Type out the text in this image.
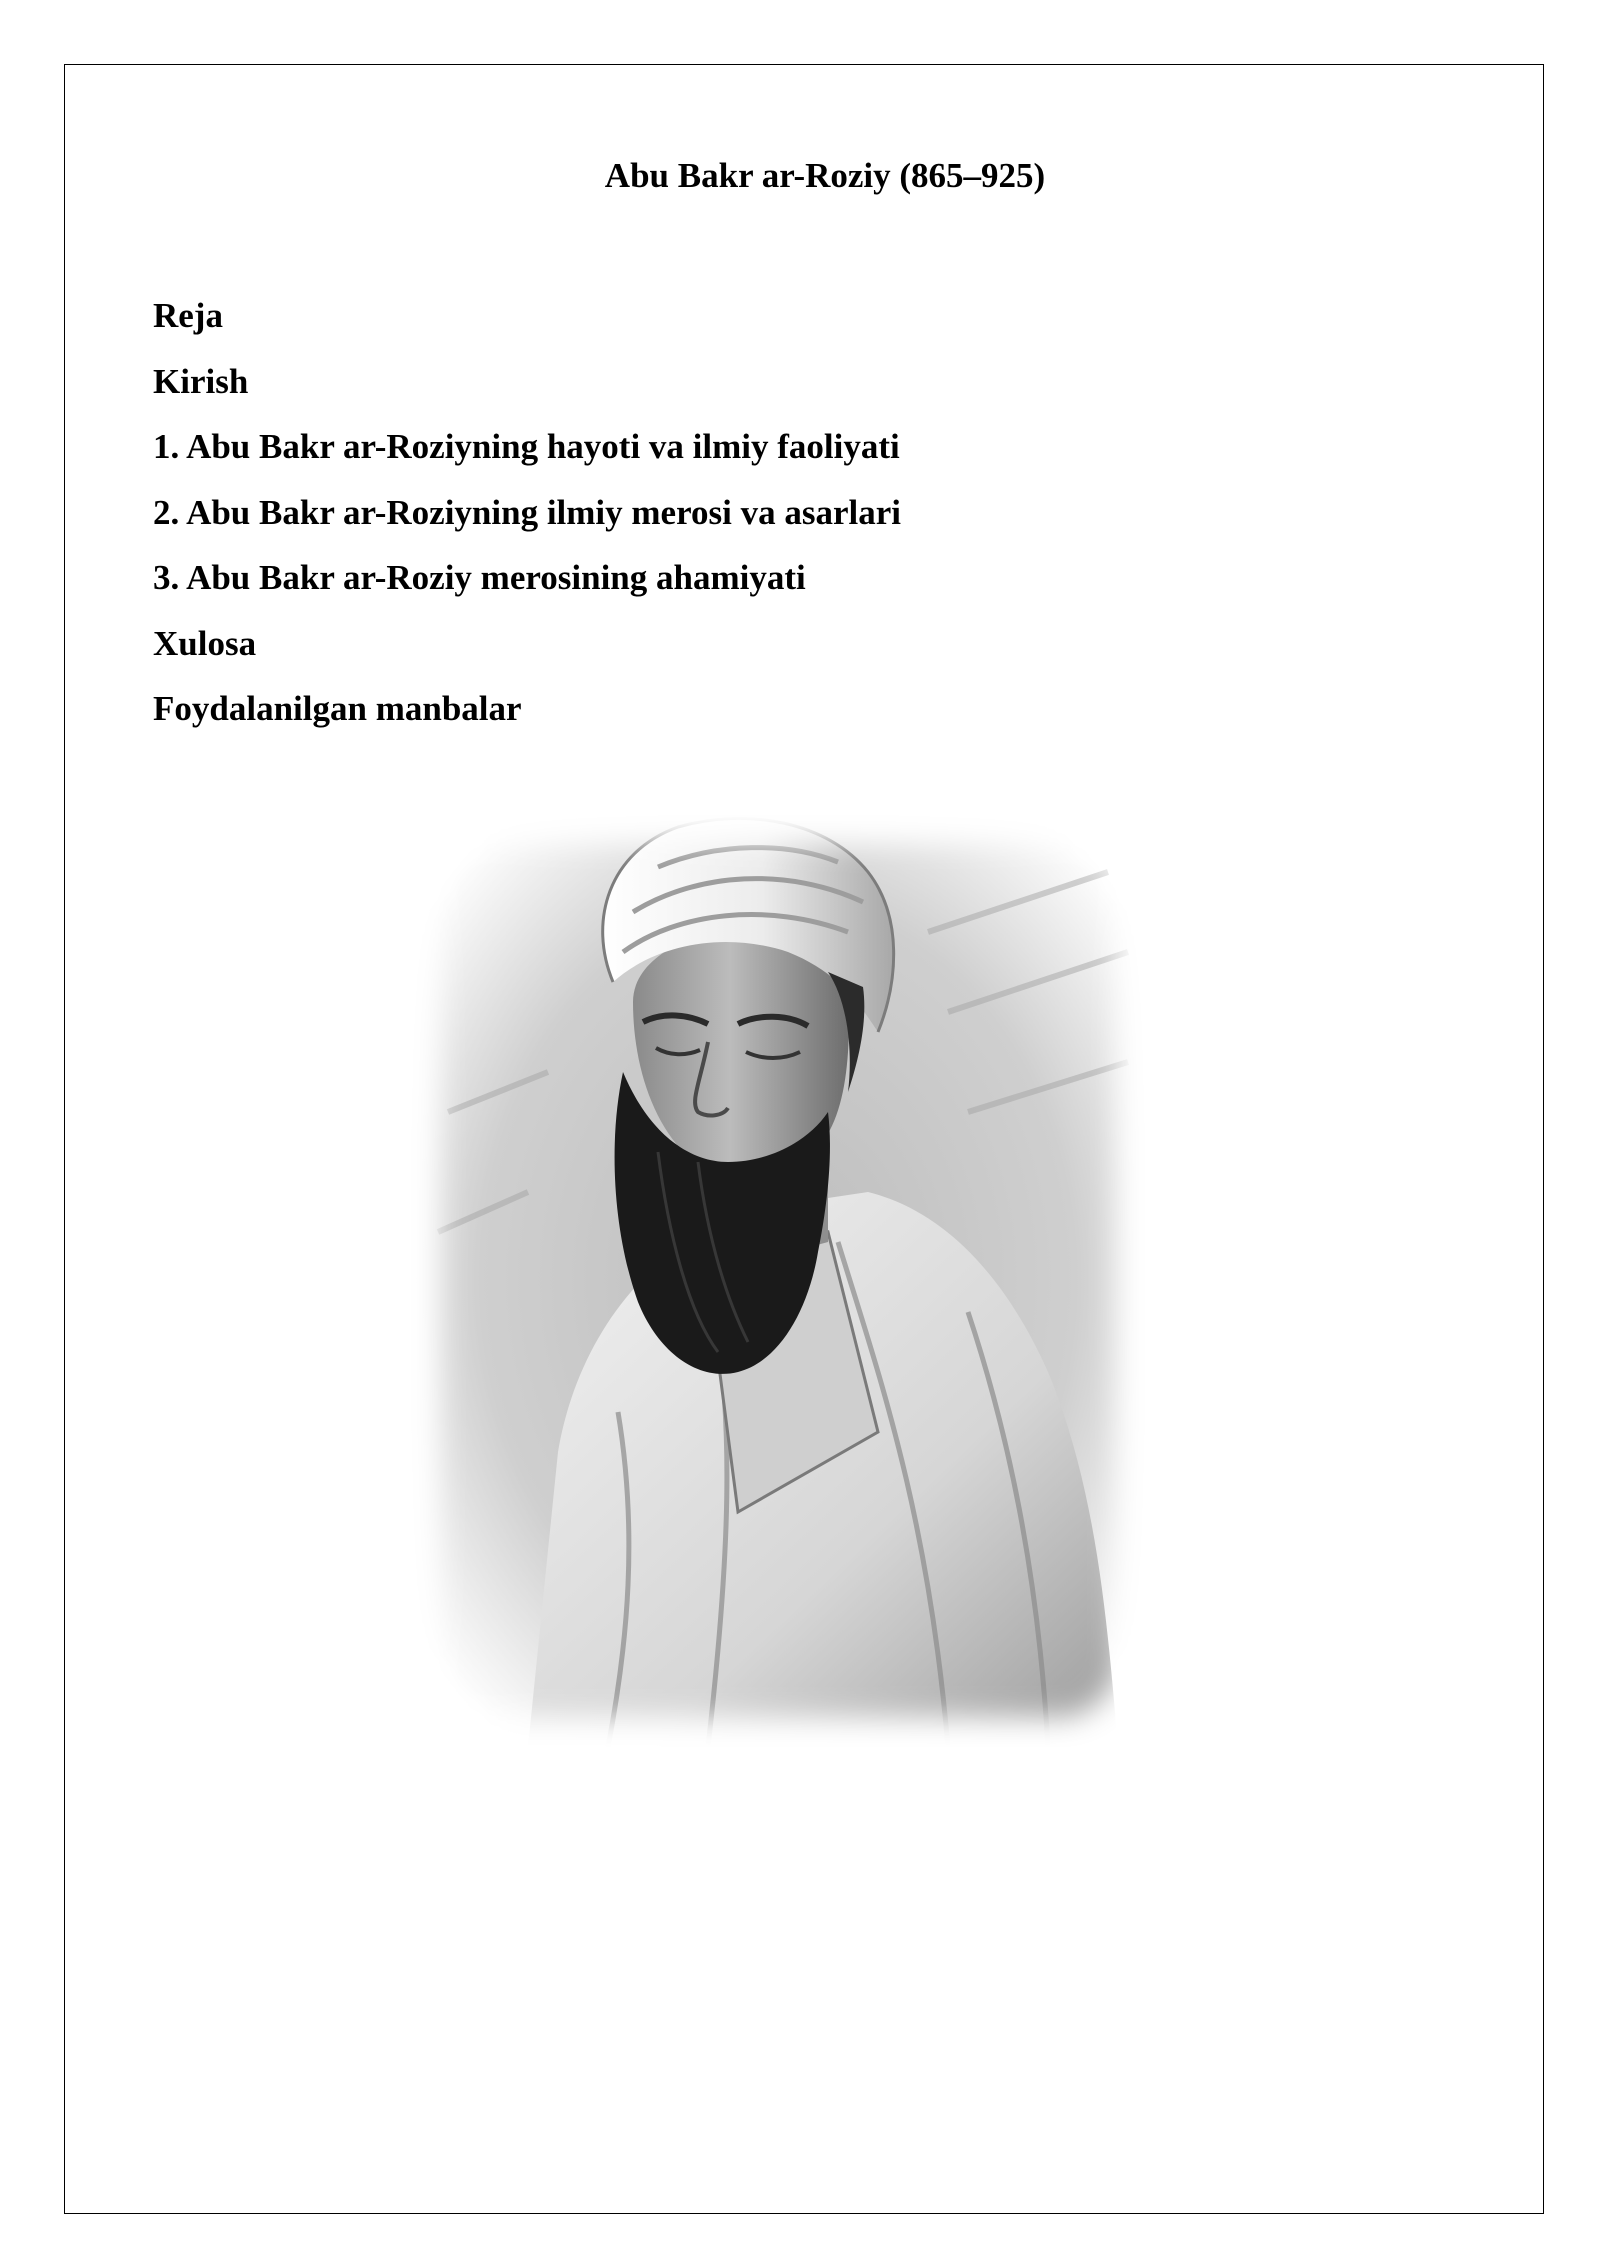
Abu Bakr ar-Roziy (865–925)
Reja
Kirish
1. Abu Bakr ar-Roziyning hayoti va ilmiy faoliyati
2. Abu Bakr ar-Roziyning ilmiy merosi va asarlari
3. Abu Bakr ar-Roziy merosining ahamiyati
Xulosa
Foydalanilgan manbalar
